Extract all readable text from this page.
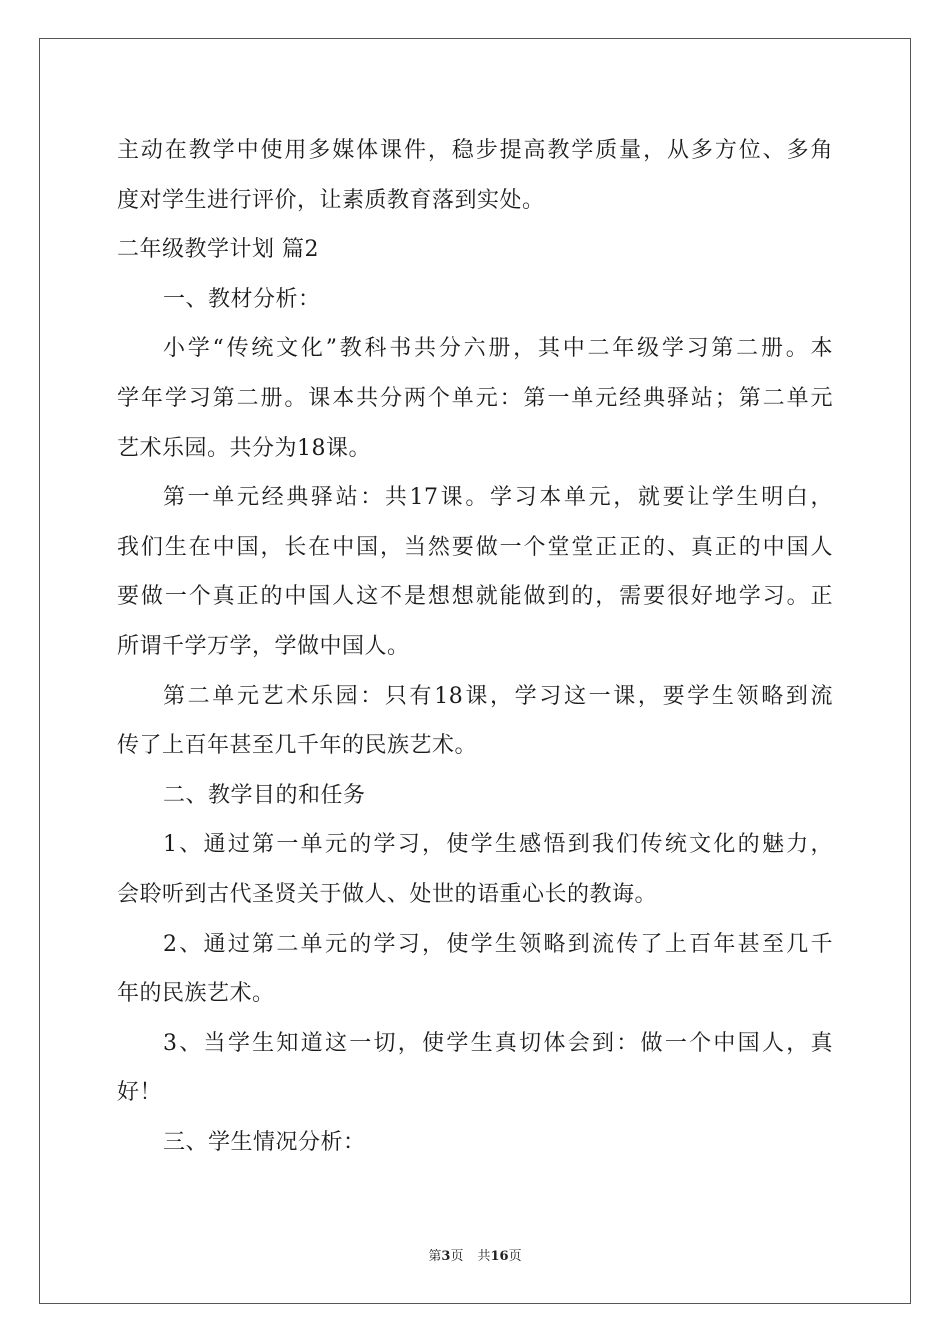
主动在教学中使用多媒体课件，稳步提高教学质量，从多方位、多角
度对学生进行评价，让素质教育落到实处。
二年级教学计划 篇2
一、教材分析：
小学“传统文化”教科书共分六册，其中二年级学习第二册。本
学年学习第二册。课本共分两个单元：第一单元经典驿站；第二单元
艺术乐园。共分为18课。
第一单元经典驿站：共17课。学习本单元，就要让学生明白，
我们生在中国，长在中国，当然要做一个堂堂正正的、真正的中国人
要做一个真正的中国人这不是想想就能做到的，需要很好地学习。正
所谓千学万学，学做中国人。
第二单元艺术乐园：只有18课，学习这一课，要学生领略到流
传了上百年甚至几千年的民族艺术。
二、教学目的和任务
1、通过第一单元的学习，使学生感悟到我们传统文化的魅力，
会聆听到古代圣贤关于做人、处世的语重心长的教诲。
2、通过第二单元的学习，使学生领略到流传了上百年甚至几千
年的民族艺术。
3、当学生知道这一切，使学生真切体会到：做一个中国人，真
好！
三、学生情况分析：
第3页 共16页
